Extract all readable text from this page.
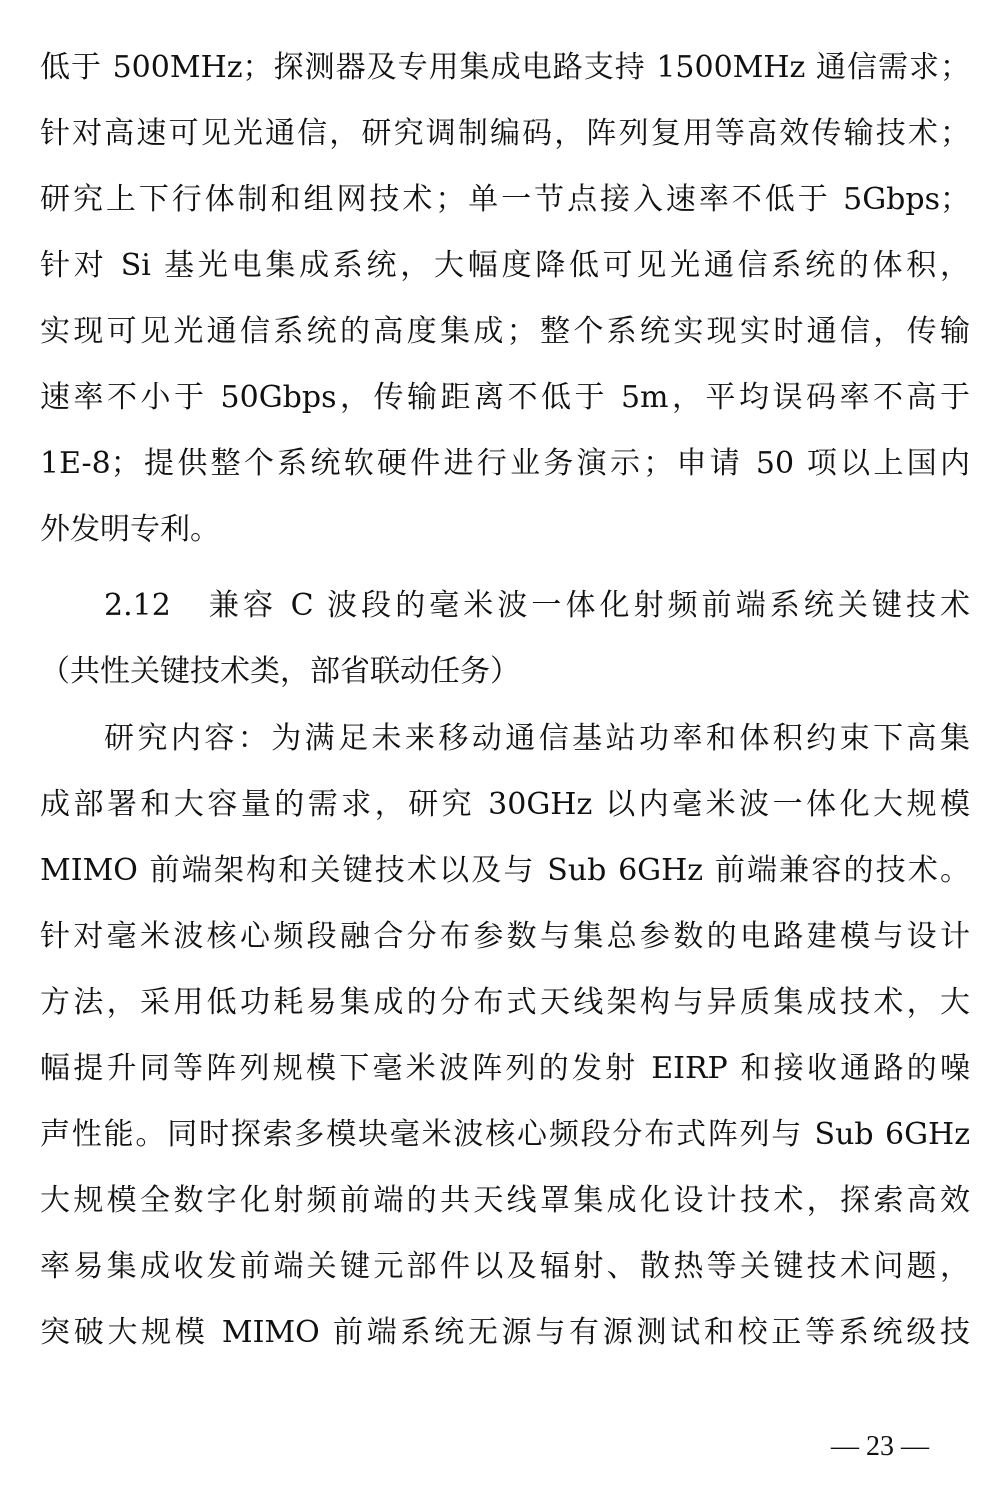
低于 500MHz；探测器及专用集成电路支持 1500MHz 通信需求；
针对高速可见光通信，研究调制编码，阵列复用等高效传输技术；
研究上下行体制和组网技术；单一节点接入速率不低于 5Gbps；
针对 Si 基光电集成系统，大幅度降低可见光通信系统的体积，
实现可见光通信系统的高度集成；整个系统实现实时通信，传输
速率不小于 50Gbps，传输距离不低于 5m，平均误码率不高于
1E-8；提供整个系统软硬件进行业务演示；申请 50 项以上国内
外发明专利。
2.12　兼容 C 波段的毫米波一体化射频前端系统关键技术
（共性关键技术类，部省联动任务）
研究内容：为满足未来移动通信基站功率和体积约束下高集
成部署和大容量的需求，研究 30GHz 以内毫米波一体化大规模
MIMO 前端架构和关键技术以及与 Sub 6GHz 前端兼容的技术。
针对毫米波核心频段融合分布参数与集总参数的电路建模与设计
方法，采用低功耗易集成的分布式天线架构与异质集成技术，大
幅提升同等阵列规模下毫米波阵列的发射 EIRP 和接收通路的噪
声性能。同时探索多模块毫米波核心频段分布式阵列与 Sub 6GHz
大规模全数字化射频前端的共天线罩集成化设计技术，探索高效
率易集成收发前端关键元部件以及辐射、散热等关键技术问题，
突破大规模 MIMO 前端系统无源与有源测试和校正等系统级技
— 23 —
